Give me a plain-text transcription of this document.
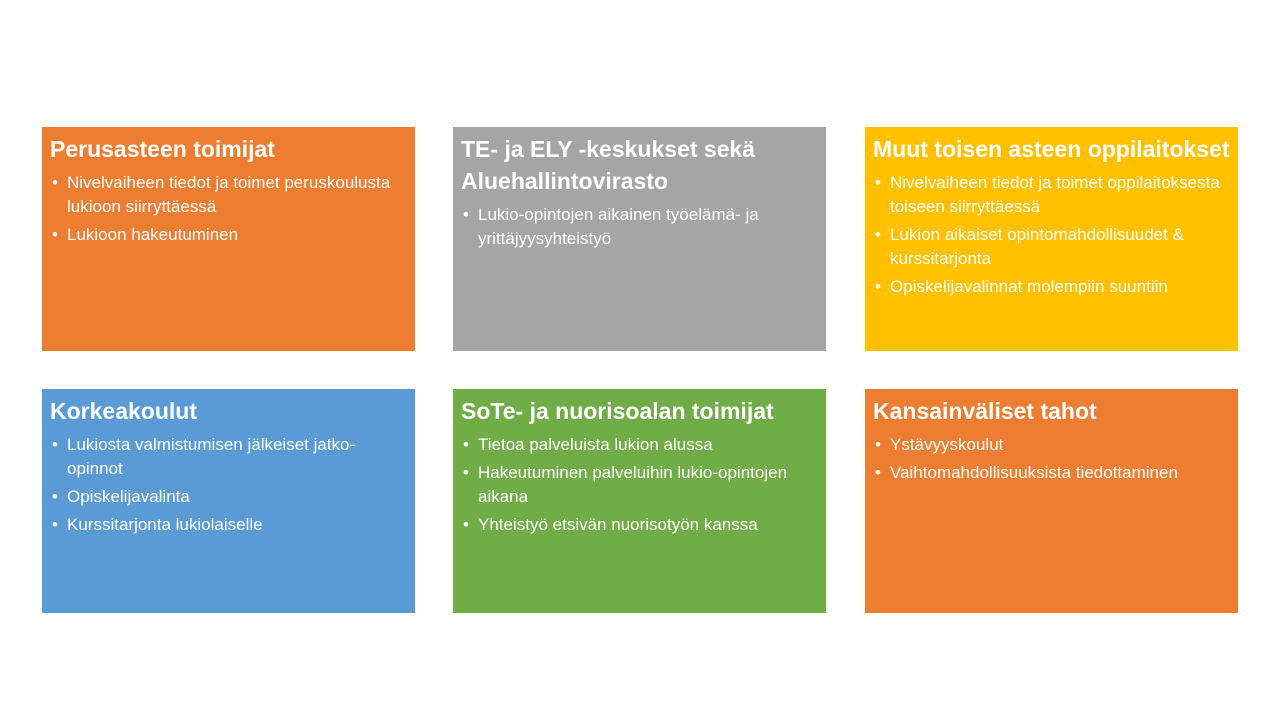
Perusasteen toimijat
• Nivelvaiheen tiedot ja toimet peruskoulusta lukioon siirryttäessä
• Lukioon hakeutuminen
TE- ja ELY -keskukset sekä Aluehallintovirasto
• Lukio-opintojen aikainen työelämä- ja yrittäjyysyhteistyö
Muut toisen asteen oppilaitokset
• Nivelvaiheen tiedot ja toimet oppilaitoksesta toiseen siirryttäessä
• Lukion aikaiset opintomahdollisuudet & kurssitarjonta
• Opiskelijavalinnat molempiin suuntiin
Korkeakoulut
• Lukiosta valmistumisen jälkeiset jatko-opinnot
• Opiskelijavalinta
• Kurssitarjonta lukiolaiselle
SoTe- ja nuorisoalan toimijat
• Tietoa palveluista lukion alussa
• Hakeutuminen palveluihin lukio-opintojen aikana
• Yhteistyö etsivän nuorisotyön kanssa
Kansainväliset tahot
• Ystävyyskoulut
• Vaihtomahdollisuuksista tiedottaminen
